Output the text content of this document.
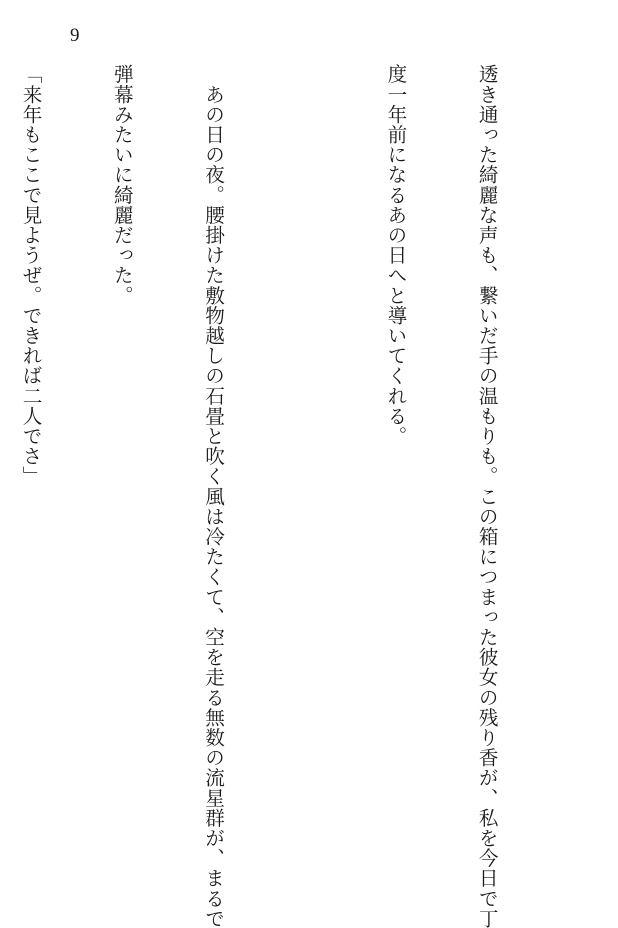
9

透き通った綺麗な声も、繋いだ手の温もりも。この箱につまった彼女の残り香が、私を今日で丁

度一年前になるあの日へと導いてくれる。

　あの日の夜。腰掛けた敷物越しの石畳と吹く風は冷たくて、空を走る無数の流星群が、まるで

弾幕みたいに綺麗だった。

「来年もここで見ようぜ。できれば二人でさ」
